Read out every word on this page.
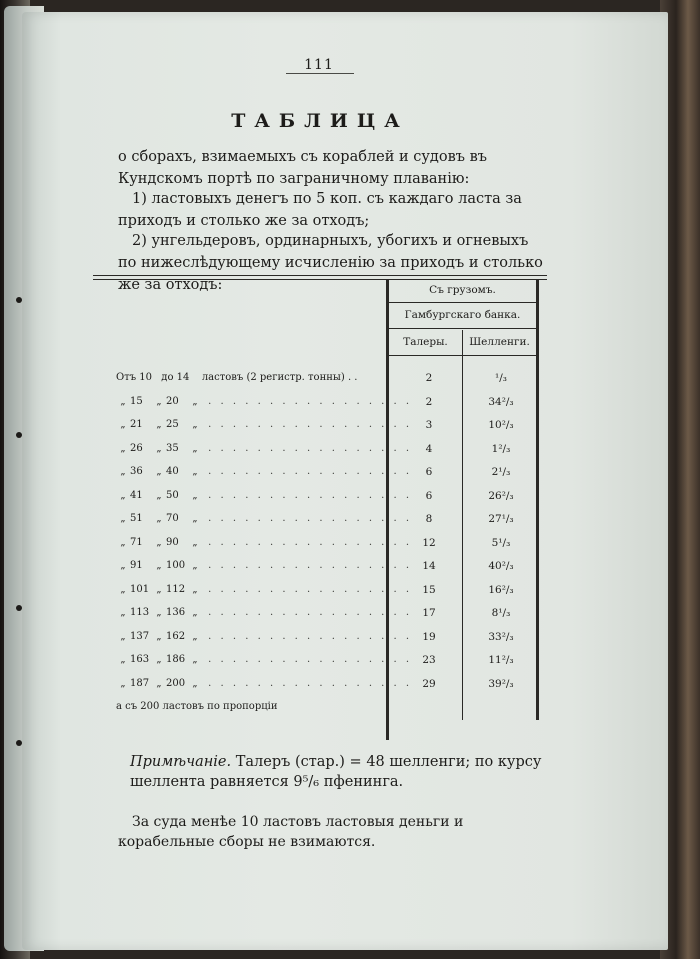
111
ТАБЛИЦА
о сборахъ, взимаемыхъ съ кораблей и судовъ въ Кундскомъ портѣ по заграничному плаванію:
1) ластовыхъ денегъ по 5 коп. съ каждаго ласта за приходъ и столько же за отходъ;
2) унгельдеровъ, ординарныхъ, убогихъ и огневыхъ по нижеслѣдующему исчисленію за приходъ и столько же за отходъ:	Съ грузомъ.
Гамбургскаго банка.
Талеры.	Шелленги.
Отъ 10 до 14 ластовъ (2 регистр. тонны) . .	2	¹/₃
„ 15 „ 20 „ . . . . . . . . . . . . . . . . .	2	34²/₃
„ 21 „ 25 „ . . . . . . . . . . . . . . . . .	3	10²/₃
„ 26 „ 35 „ . . . . . . . . . . . . . . . . .	4	1²/₃
„ 36 „ 40 „ . . . . . . . . . . . . . . . . .	6	2¹/₃
„ 41 „ 50 „ . . . . . . . . . . . . . . . . .	6	26²/₃
„ 51 „ 70 „ . . . . . . . . . . . . . . . . .	8	27¹/₃
„ 71 „ 90 „ . . . . . . . . . . . . . . . . . 12	5¹/₃
„ 91 „ 100 „ . . . . . . . . . . . . . . . . . 14	40²/₃
„ 101 „ 112 „ . . . . . . . . . . . . . . . . . 15	16²/₃
„ 113 „ 136 „ . . . . . . . . . . . . . . . . . 17	8¹/₃
„ 137 „ 162 „ . . . . . . . . . . . . . . . . . 19	33²/₃
„ 163 „ 186 „ . . . . . . . . . . . . . . . . . 23	11²/₃
„ 187 „ 200 „ . . . . . . . . . . . . . . . . . 29	39²/₃
а съ 200 ластовъ по пропорціи
Примѣчаніе. Талеръ (стар.) = 48 шелленги; по курсу шеллента равняется 9⁵/₆ пфенинга.
За суда менѣе 10 ластовъ ластовыя деньги и корабельные сборы не взимаются.
